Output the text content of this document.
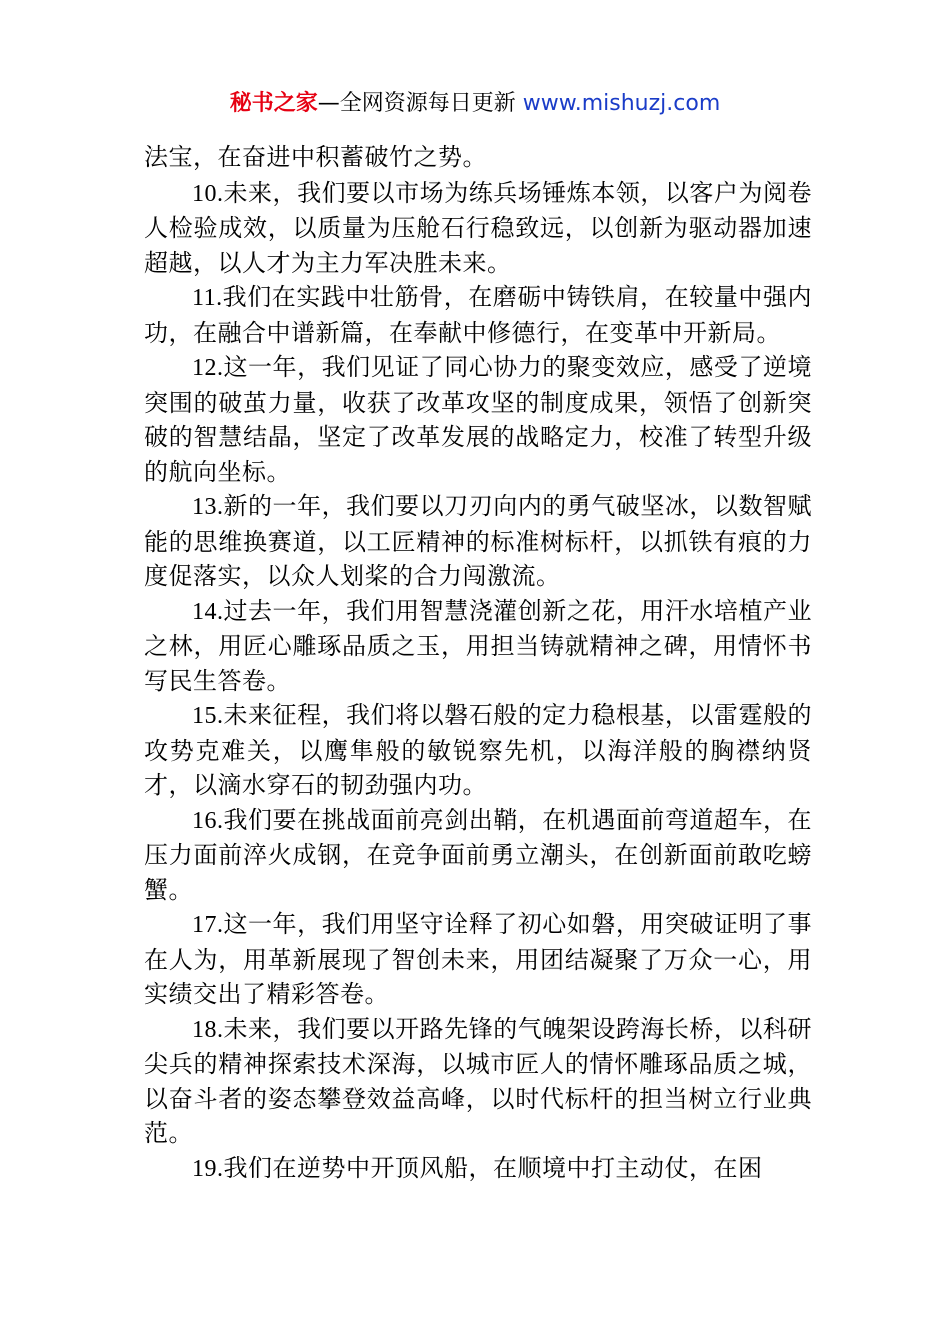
秘书之家—全网资源每日更新 www.mishuzj.com

法宝，在奋进中积蓄破竹之势。

10.未来，我们要以市场为练兵场锤炼本领，以客户为阅卷人检验成效，以质量为压舱石行稳致远，以创新为驱动器加速超越，以人才为主力军决胜未来。

11.我们在实践中壮筋骨，在磨砺中铸铁肩，在较量中强内功，在融合中谱新篇，在奉献中修德行，在变革中开新局。

12.这一年，我们见证了同心协力的聚变效应，感受了逆境突围的破茧力量，收获了改革攻坚的制度成果，领悟了创新突破的智慧结晶，坚定了改革发展的战略定力，校准了转型升级的航向坐标。

13.新的一年，我们要以刀刃向内的勇气破坚冰，以数智赋能的思维换赛道，以工匠精神的标准树标杆，以抓铁有痕的力度促落实，以众人划桨的合力闯激流。

14.过去一年，我们用智慧浇灌创新之花，用汗水培植产业之林，用匠心雕琢品质之玉，用担当铸就精神之碑，用情怀书写民生答卷。

15.未来征程，我们将以磐石般的定力稳根基，以雷霆般的攻势克难关，以鹰隼般的敏锐察先机，以海洋般的胸襟纳贤才，以滴水穿石的韧劲强内功。

16.我们要在挑战面前亮剑出鞘，在机遇面前弯道超车，在压力面前淬火成钢，在竞争面前勇立潮头，在创新面前敢吃螃蟹。

17.这一年，我们用坚守诠释了初心如磐，用突破证明了事在人为，用革新展现了智创未来，用团结凝聚了万众一心，用实绩交出了精彩答卷。

18.未来，我们要以开路先锋的气魄架设跨海长桥，以科研尖兵的精神探索技术深海，以城市匠人的情怀雕琢品质之城，以奋斗者的姿态攀登效益高峰，以时代标杆的担当树立行业典范。

19.我们在逆势中开顶风船，在顺境中打主动仗，在困
